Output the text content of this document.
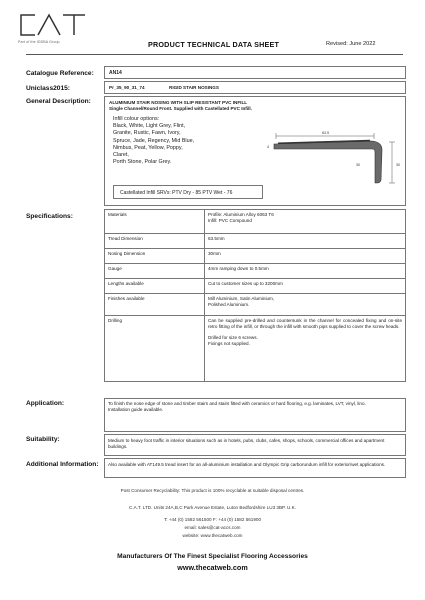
Part of the IDDBA Group	PRODUCT TECHNICAL DATA SHEET	Revised: June 2022
Catalogue Reference:	AN14
Uniclass2015:	Pr_35_90_31_74	RIGID STAIR NOSINGS
General Description:	ALUMINIUM STAIR NOSING WITH SLIP RESISTANT PVC INFILL
Single Channel/Round Front. Supplied with Castellated PVC Infill.
Infill colour options:
Black, White, Light Grey, Flint,
Granite, Rustic, Fawn, Ivory,
Spruce, Jade, Regency, Mid Blue,
Nimbus, Peat, Yellow, Poppy,
Claret,
Porth Stone, Polar Grey.
Castellated Infill SRVs: PTV Dry - 85 PTV Wet - 76
63.5
4
30
30
Specifications:	Materials	Profile: Aluminium Alloy 6063 T6
Infill: PVC Compound
Tread Dimension	63.5mm
Nosing Dimension	30mm
Gauge	4mm ramping down to 0.5mm
Lengths available	Cut to customer sizes up to 3200mm
Finishes available	Mill Aluminium, Satin Aluminium,
Polished Aluminium.
Drilling	Can be supplied pre-drilled and countersunk in the channel for concealed fixing and on-site retro fitting of the infill, or through the infill with smooth pips supplied to cover the screw heads.

Drilled for size 6 screws.
Fixings not supplied.
Application:	To finish the nose edge of stone and timber stairs and stairs fitted with ceramics or hard flooring, e.g. laminates, LVT, vinyl, lino.
Installation guide available.
Suitability:	Medium to heavy foot traffic in interior situations such as in hotels, pubs, clubs, cafes, shops, schools, commercial offices and apartment buildings.
Additional Information: Also available with AT149.5 tread insert for an all-aluminium installation and Olympic Grip carborundum infill for exterior/wet applications.
Post Consumer Recyclability: This product is 100% recyclable at suitable disposal centres.
C.A.T. LTD. Units 24A,B,C Park Avenue Estate, Luton Bedfordshire LU3 3BP. U.K.
T: +44 (0) 1582 561500 F: +44 (0) 1582 561900
email: sales@cat-accs.com
website: www.thecatweb.com
Manufacturers Of The Finest Specialist Flooring Accessories
www.thecatweb.com
